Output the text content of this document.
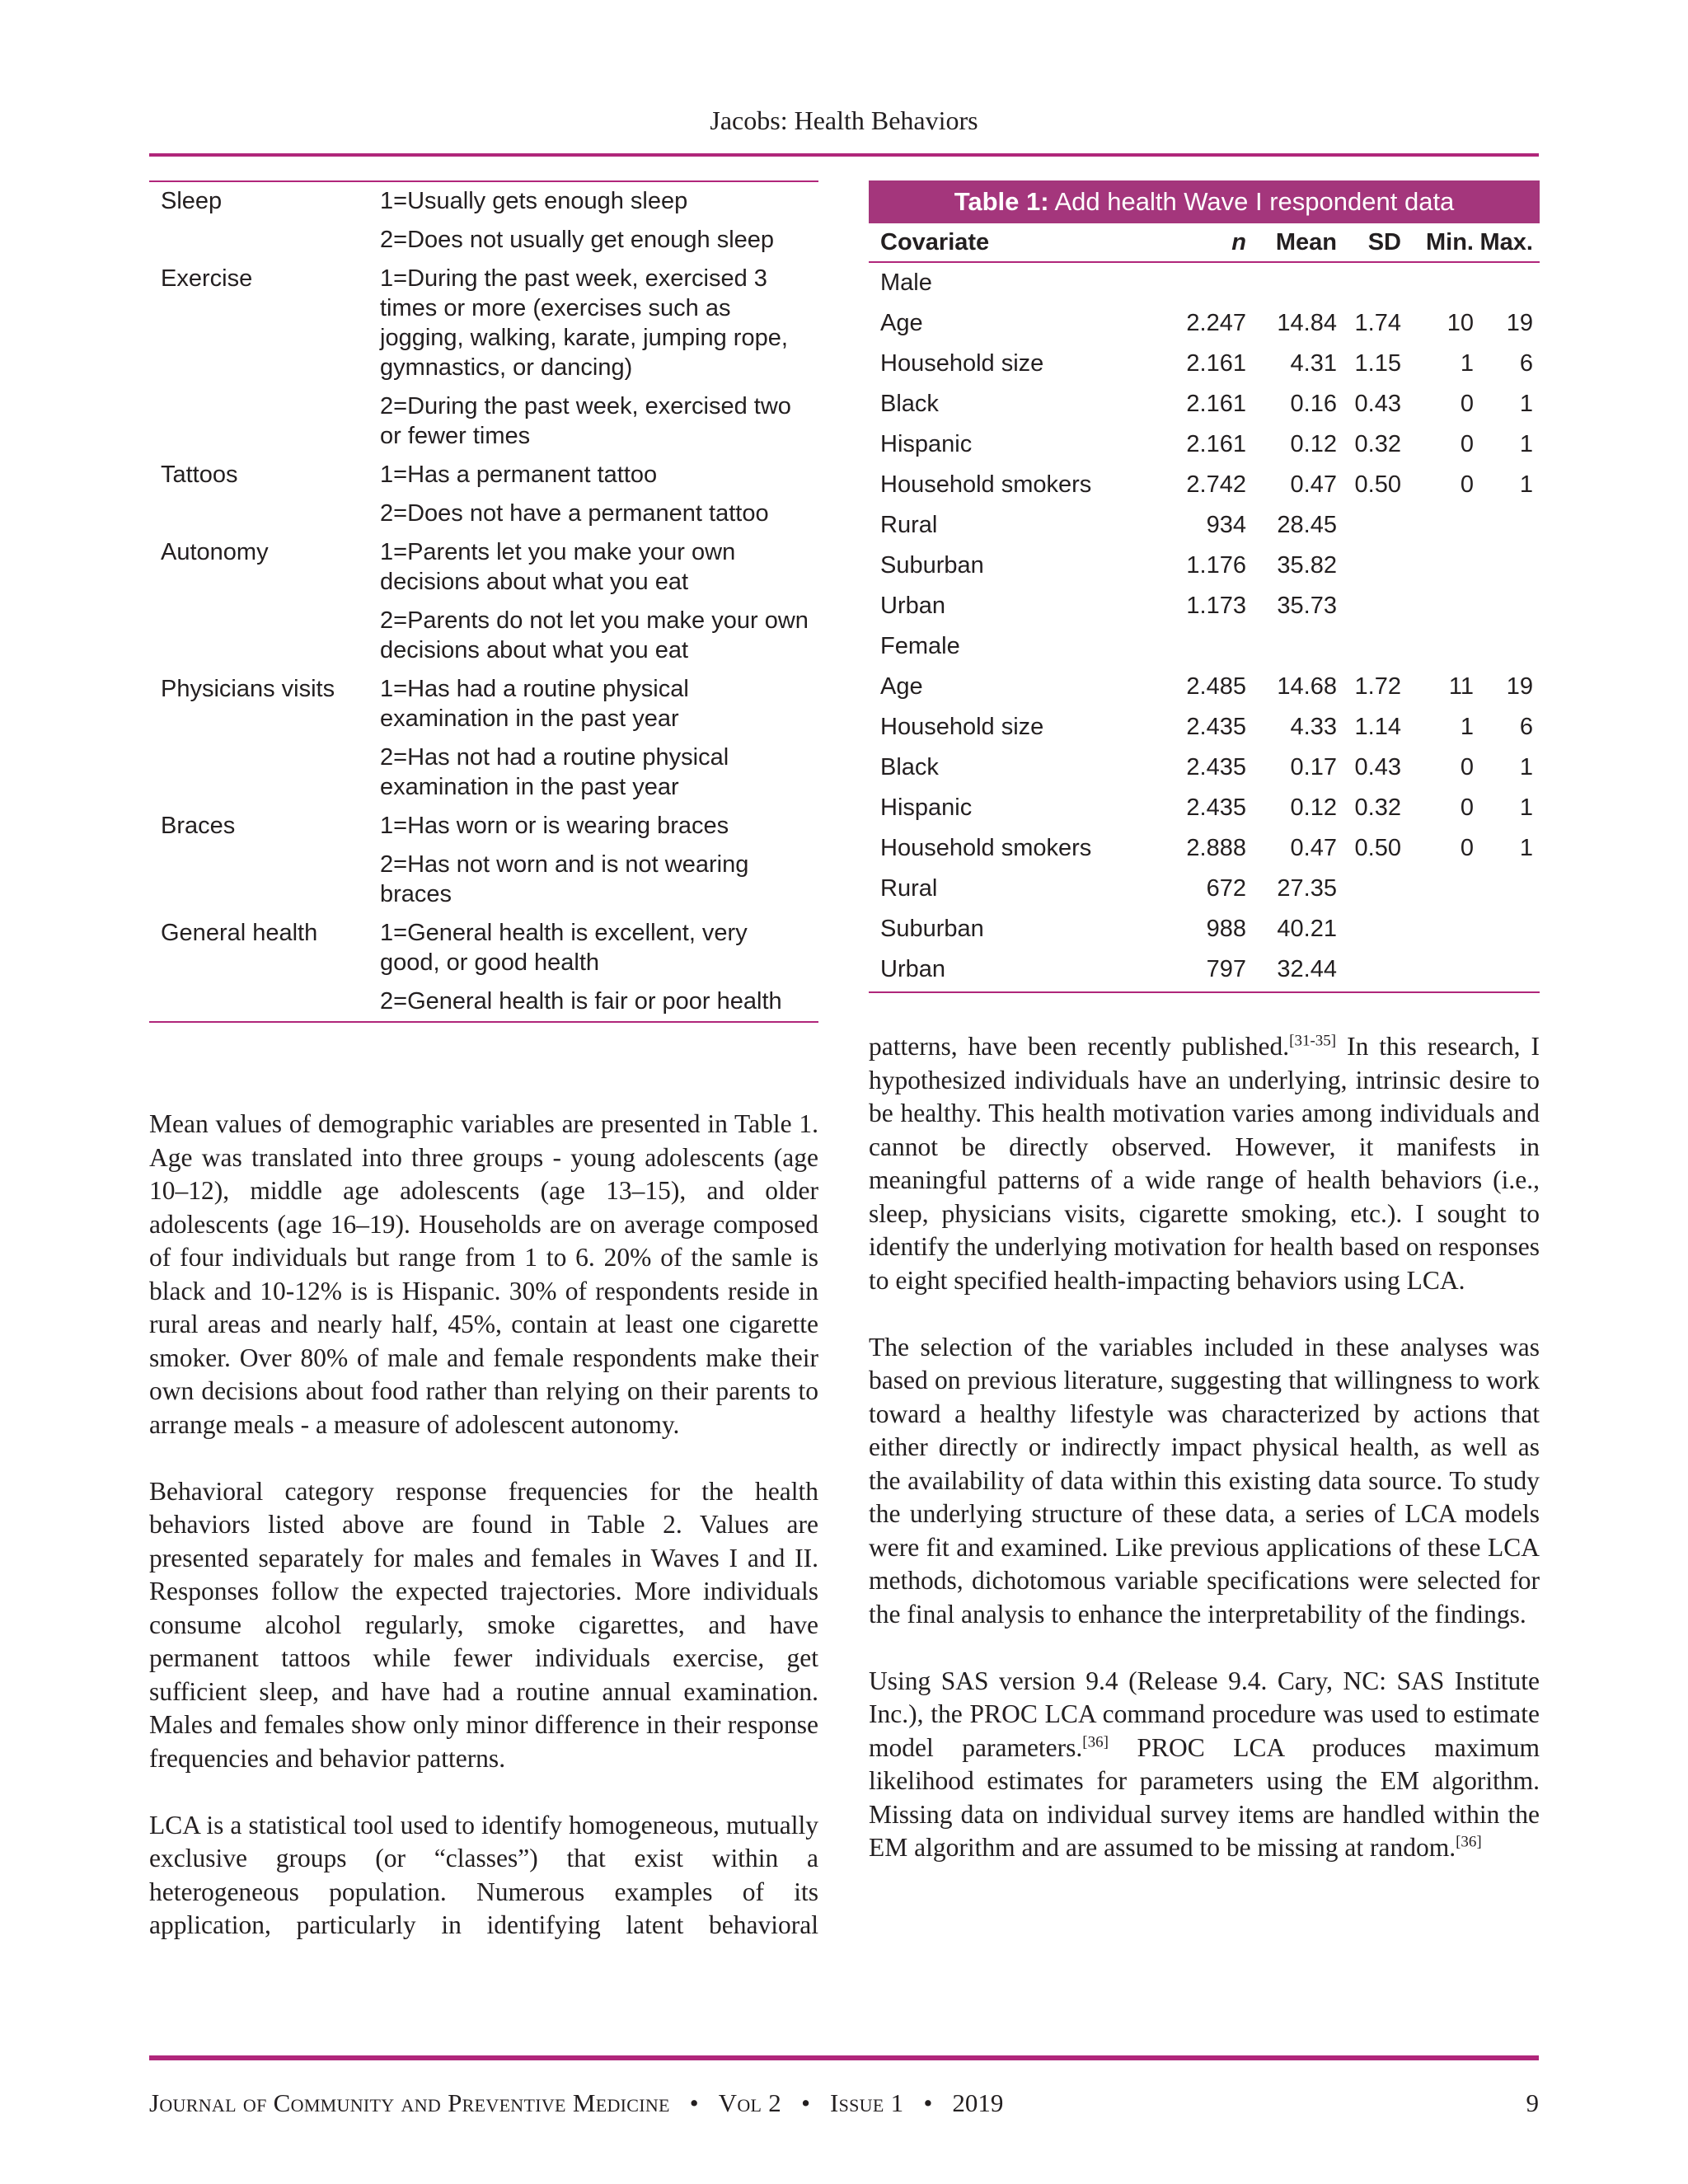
Jacobs: Health Behaviors
Sleep	1=Usually gets enough sleep
2=Does not usually get enough sleep
Exercise	1=During the past week, exercised 3 times or more (exercises such as jogging, walking, karate, jumping rope, gymnastics, or dancing)
2=During the past week, exercised two or fewer times
Tattoos	1=Has a permanent tattoo
2=Does not have a permanent tattoo
Autonomy	1=Parents let you make your own decisions about what you eat
2=Parents do not let you make your own decisions about what you eat
Physicians visits	1=Has had a routine physical examination in the past year
2=Has not had a routine physical examination in the past year
Braces	1=Has worn or is wearing braces
2=Has not worn and is not wearing braces
General health	1=General health is excellent, very good, or good health
2=General health is fair or poor health
Table 1: Add health Wave I respondent data
Covariate	n	Mean	SD	Min. Max.
Male
Age	2.247	14.84 1.74	10	19
Household size	2.161	4.31 1.15	1	6
Black	2.161	0.16 0.43	0	1
Hispanic	2.161	0.12 0.32	0	1
Household smokers	2.742	0.47 0.50	0	1
Rural	934	28.45
Suburban	1.176	35.82
Urban	1.173	35.73
Female
Age	2.485	14.68 1.72	11	19
Household size	2.435	4.33 1.14	1	6
Black	2.435	0.17 0.43	0	1
Hispanic	2.435	0.12 0.32	0	1
Household smokers	2.888	0.47 0.50	0	1
Rural	672	27.35
Suburban	988	40.21
Urban	797	32.44

Mean values of demographic variables are presented in Table 1. Age was translated into three groups - young adolescents (age 10–12), middle age adolescents (age 13–15), and older adolescents (age 16–19). Households are on average composed of four individuals but range from 1 to 6. 20% of the samle is black and 10-12% is is Hispanic. 30% of respondents reside in rural areas and nearly half, 45%, contain at least one cigarette smoker. Over 80% of male and female respondents make their own decisions about food rather than relying on their parents to arrange meals - a measure of adolescent autonomy.

Behavioral category response frequencies for the health behaviors listed above are found in Table 2. Values are presented separately for males and females in Waves I and II. Responses follow the expected trajectories. More individuals consume alcohol regularly, smoke cigarettes, and have permanent tattoos while fewer individuals exercise, get sufficient sleep, and have had a routine annual examination. Males and females show only minor difference in their response frequencies and behavior patterns.

LCA is a statistical tool used to identify homogeneous, mutually exclusive groups (or “classes”) that exist within a heterogeneous population. Numerous examples of its application, particularly in identifying latent behavioral

patterns, have been recently published.[31-35] In this research, I hypothesized individuals have an underlying, intrinsic desire to be healthy. This health motivation varies among individuals and cannot be directly observed. However, it manifests in meaningful patterns of a wide range of health behaviors (i.e., sleep, physicians visits, cigarette smoking, etc.). I sought to identify the underlying motivation for health based on responses to eight specified health-impacting behaviors using LCA.

The selection of the variables included in these analyses was based on previous literature, suggesting that willingness to work toward a healthy lifestyle was characterized by actions that either directly or indirectly impact physical health, as well as the availability of data within this existing data source. To study the underlying structure of these data, a series of LCA models were fit and examined. Like previous applications of these LCA methods, dichotomous variable specifications were selected for the final analysis to enhance the interpretability of the findings.

Using SAS version 9.4 (Release 9.4. Cary, NC: SAS Institute Inc.), the PROC LCA command procedure was used to estimate model parameters.[36] PROC LCA produces maximum likelihood estimates for parameters using the EM algorithm. Missing data on individual survey items are handled within the EM algorithm and are assumed to be missing at random.[36]

Journal of Community and Preventive Medicine • Vol 2 • Issue 1 • 2019	9
